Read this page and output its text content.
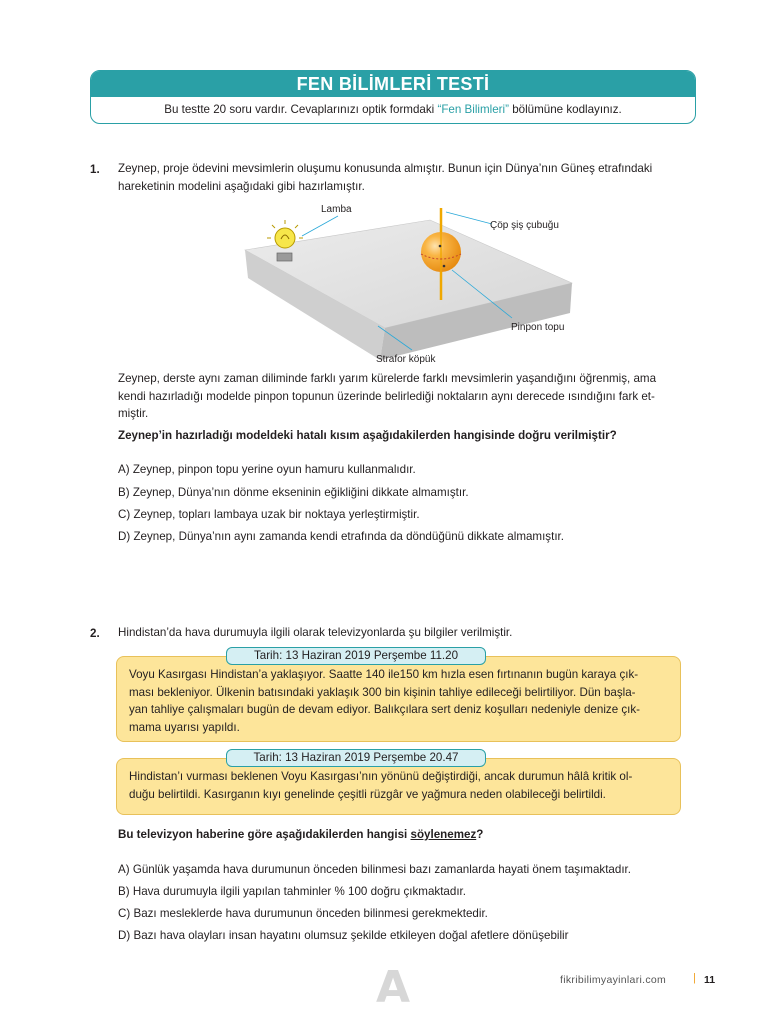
FEN BİLİMLERİ TESTİ
Bu testte 20 soru vardır. Cevaplarınızı optik formdaki “Fen Bilimleri” bölümüne kodlayınız.
1. Zeynep, proje ödevini mevsimlerin oluşumu konusunda almıştır. Bunun için Dünya’nın Güneş etrafındaki
hareketinin modelini aşağıdaki gibi hazırlamıştır.
Lamba
Çöp şiş çubuğu
Pinpon topu
Strafor köpük
Zeynep, derste aynı zaman diliminde farklı yarım kürelerde farklı mevsimlerin yaşandığını öğrenmiş, ama
kendi hazırladığı modelde pinpon topunun üzerinde belirlediği noktaların aynı derecede ısındığını fark et-
miştir.
Zeynep’in hazırladığı modeldeki hatalı kısım aşağıdakilerden hangisinde doğru verilmiştir?
A) Zeynep, pinpon topu yerine oyun hamuru kullanmalıdır.
B) Zeynep, Dünya’nın dönme ekseninin eğikliğini dikkate almamıştır.
C) Zeynep, topları lambaya uzak bir noktaya yerleştirmiştir.
D) Zeynep, Dünya’nın aynı zamanda kendi etrafında da döndüğünü dikkate almamıştır.
2. Hindistan’da hava durumuyla ilgili olarak televizyonlarda şu bilgiler verilmiştir.
Voyu Kasırgası Hindistan’a yaklaşıyor. Saatte 140 ile150 km hızla esen fırtınanın bugün karaya çık-
ması bekleniyor. Ülkenin batısındaki yaklaşık 300 bin kişinin tahliye edileceği belirtiliyor. Dün başla-
yan tahliye çalışmaları bugün de devam ediyor. Balıkçılara sert deniz koşulları nedeniyle denize çık-
mama uyarısı yapıldı.
Tarih: 13 Haziran 2019 Perşembe 11.20
Hindistan’ı vurması beklenen Voyu Kasırgası’nın yönünü değiştirdiği, ancak durumun hâlâ kritik ol-
duğu belirtildi. Kasırganın kıyı genelinde çeşitli rüzgâr ve yağmura neden olabileceği belirtildi.
Tarih: 13 Haziran 2019 Perşembe 20.47
Bu televizyon haberine göre aşağıdakilerden hangisi söylenemez?
A) Günlük yaşamda hava durumunun önceden bilinmesi bazı zamanlarda hayati önem taşımaktadır.
B) Hava durumuyla ilgili yapılan tahminler % 100 doğru çıkmaktadır.
C) Bazı mesleklerde hava durumunun önceden bilinmesi gerekmektedir.
D) Bazı hava olayları insan hayatını olumsuz şekilde etkileyen doğal afetlere dönüşebilir
A	fikribilimyayinlari.com | 11
